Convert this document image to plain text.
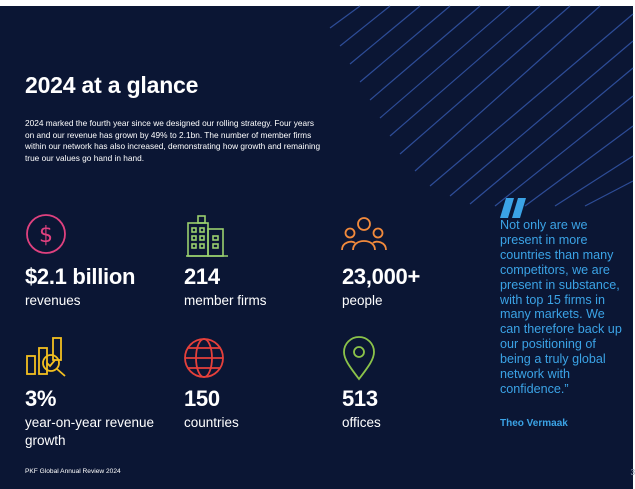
2024 at a glance
2024 marked the fourth year since we designed our rolling strategy. Four years on and our revenue has grown by 49% to 2.1bn. The number of member firms within our network has also increased, demonstrating how growth and remaining true our values go hand in hand.
$
$2.1 billion
revenues
214
member firms
23,000+
people
3%
year-on-year revenue growth
150
countries
513
offices
Not only are we present in more countries than many competitors, we are present in substance, with top 15 firms in many markets. We can therefore back up our positioning of being a truly global network with confidence.”
Theo Vermaak
PKF Global Annual Review 2024	3
